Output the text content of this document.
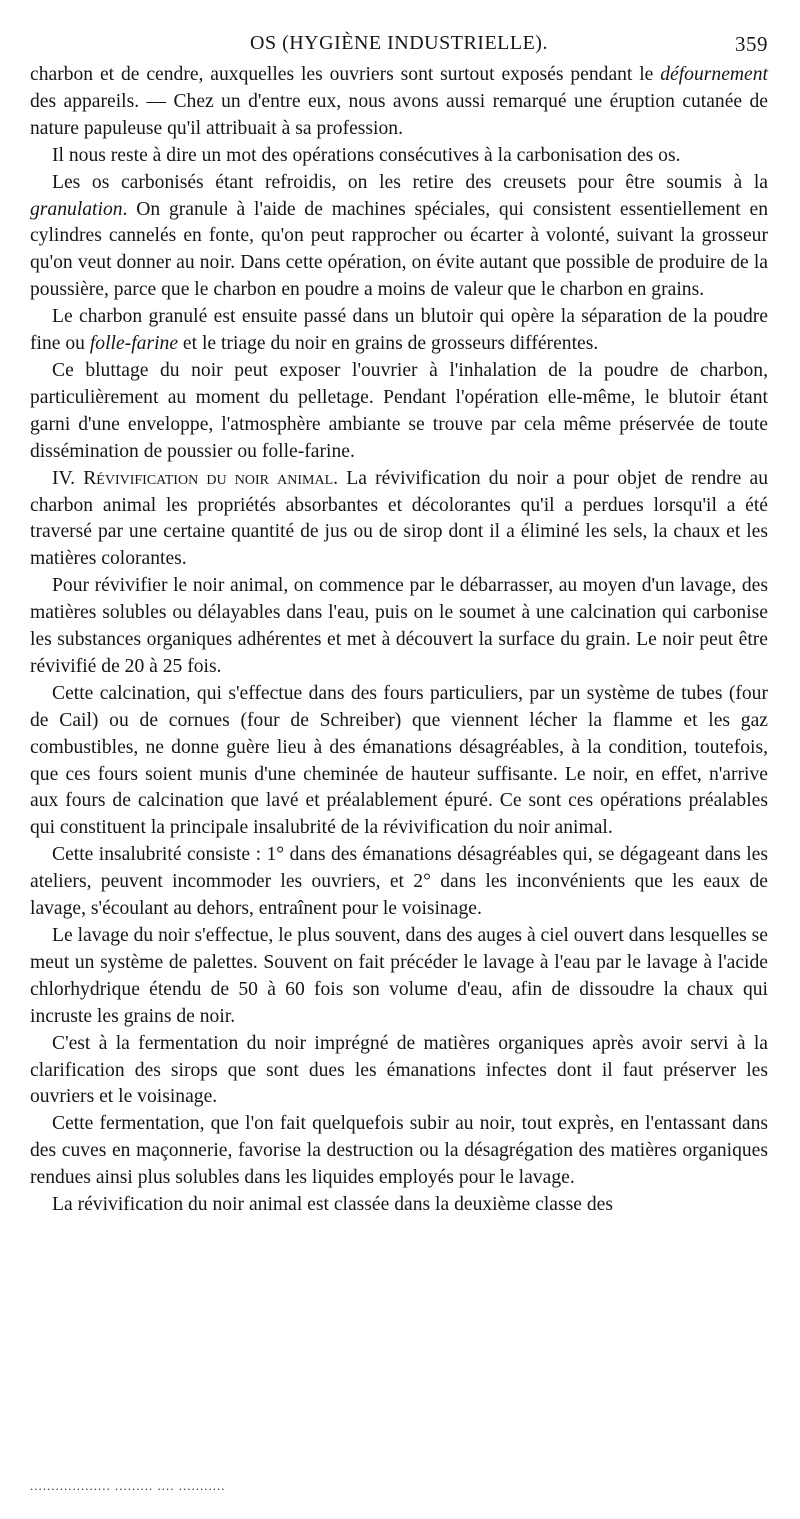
OS (HYGIÈNE INDUSTRIELLE).	359

charbon et de cendre, auxquelles les ouvriers sont surtout exposés pendant le défournement des appareils. — Chez un d'entre eux, nous avons aussi remarqué une éruption cutanée de nature papuleuse qu'il attribuait à sa profession.

Il nous reste à dire un mot des opérations consécutives à la carbonisation des os.

Les os carbonisés étant refroidis, on les retire des creusets pour être soumis à la granulation. On granule à l'aide de machines spéciales, qui consistent essentiellement en cylindres cannelés en fonte, qu'on peut rapprocher ou écarter à volonté, suivant la grosseur qu'on veut donner au noir. Dans cette opération, on évite autant que possible de produire de la poussière, parce que le charbon en poudre a moins de valeur que le charbon en grains.

Le charbon granulé est ensuite passé dans un blutoir qui opère la séparation de la poudre fine ou folle-farine et le triage du noir en grains de grosseurs différentes.

Ce bluttage du noir peut exposer l'ouvrier à l'inhalation de la poudre de charbon, particulièrement au moment du pelletage. Pendant l'opération elle-même, le blutoir étant garni d'une enveloppe, l'atmosphère ambiante se trouve par cela même préservée de toute dissémination de poussier ou folle-farine.

IV. Révivification du noir animal. La révivification du noir a pour objet de rendre au charbon animal les propriétés absorbantes et décolorantes qu'il a perdues lorsqu'il a été traversé par une certaine quantité de jus ou de sirop dont il a éliminé les sels, la chaux et les matières colorantes.

Pour révivifier le noir animal, on commence par le débarrasser, au moyen d'un lavage, des matières solubles ou délayables dans l'eau, puis on le soumet à une calcination qui carbonise les substances organiques adhérentes et met à découvert la surface du grain. Le noir peut être révivifié de 20 à 25 fois.

Cette calcination, qui s'effectue dans des fours particuliers, par un système de tubes (four de Cail) ou de cornues (four de Schreiber) que viennent lécher la flamme et les gaz combustibles, ne donne guère lieu à des émanations désagréables, à la condition, toutefois, que ces fours soient munis d'une cheminée de hauteur suffisante. Le noir, en effet, n'arrive aux fours de calcination que lavé et préalablement épuré. Ce sont ces opérations préalables qui constituent la principale insalubrité de la révivification du noir animal.

Cette insalubrité consiste : 1° dans des émanations désagréables qui, se dégageant dans les ateliers, peuvent incommoder les ouvriers, et 2° dans les inconvénients que les eaux de lavage, s'écoulant au dehors, entraînent pour le voisinage.

Le lavage du noir s'effectue, le plus souvent, dans des auges à ciel ouvert dans lesquelles se meut un système de palettes. Souvent on fait précéder le lavage à l'eau par le lavage à l'acide chlorhydrique étendu de 50 à 60 fois son volume d'eau, afin de dissoudre la chaux qui incruste les grains de noir.

C'est à la fermentation du noir imprégné de matières organiques après avoir servi à la clarification des sirops que sont dues les émanations infectes dont il faut préserver les ouvriers et le voisinage.

Cette fermentation, que l'on fait quelquefois subir au noir, tout exprès, en l'entassant dans des cuves en maçonnerie, favorise la destruction ou la désagrégation des matières organiques rendues ainsi plus solubles dans les liquides employés pour le lavage.

La révivification du noir animal est classée dans la deuxième classe des

................... ......... .... ...........
